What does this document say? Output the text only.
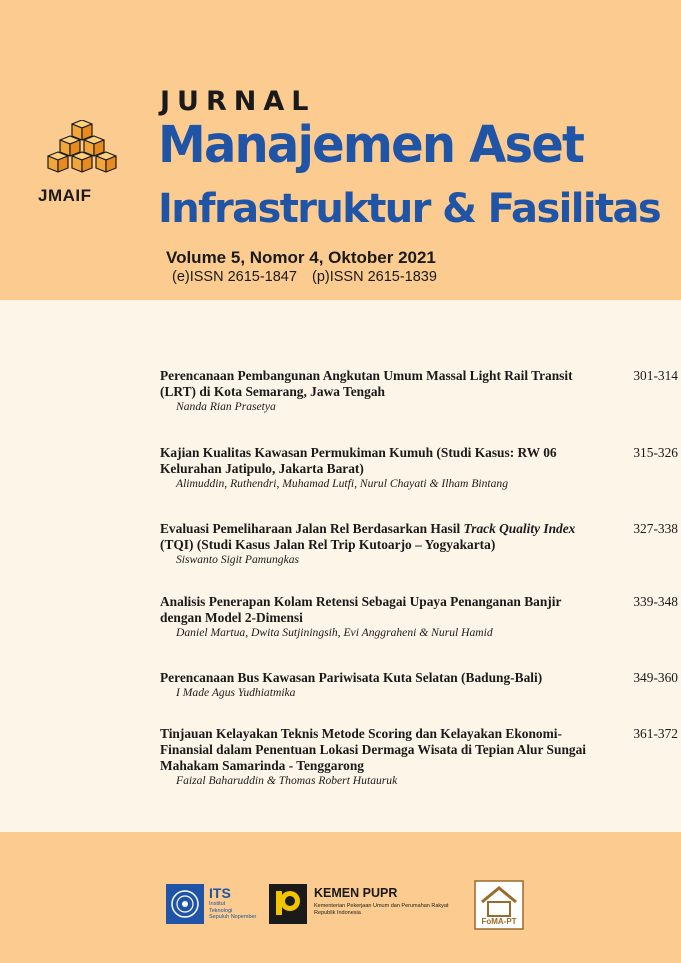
JMAIF
JURNAL
Manajemen Aset
Infrastruktur & Fasilitas
Volume 5, Nomor 4, Oktober 2021
(e)ISSN 2615-1847 (p)ISSN 2615-1839
Perencanaan Pembangunan Angkutan Umum Massal Light Rail Transit
(LRT) di Kota Semarang, Jawa Tengah
Nanda Rian Prasetya
301-314
Kajian Kualitas Kawasan Permukiman Kumuh (Studi Kasus: RW 06
Kelurahan Jatipulo, Jakarta Barat)
Alimuddin, Ruthendri, Muhamad Lutfi, Nurul Chayati & Ilham Bintang
315-326
Evaluasi Pemeliharaan Jalan Rel Berdasarkan Hasil Track Quality Index
(TQI) (Studi Kasus Jalan Rel Trip Kutoarjo – Yogyakarta)
Siswanto Sigit Pamungkas
327-338
Analisis Penerapan Kolam Retensi Sebagai Upaya Penanganan Banjir
dengan Model 2-Dimensi
Daniel Martua, Dwita Sutjiningsih, Evi Anggraheni & Nurul Hamid
339-348
Perencanaan Bus Kawasan Pariwisata Kuta Selatan (Badung-Bali)
I Made Agus Yudhiatmika
349-360
Tinjauan Kelayakan Teknis Metode Scoring dan Kelayakan Ekonomi-
Finansial dalam Penentuan Lokasi Dermaga Wisata di Tepian Alur Sungai
Mahakam Samarinda - Tenggarong
Faizal Baharuddin & Thomas Robert Hutauruk
361-372
ITS
Institut
Teknologi
Sepuluh Nopember
KEMEN PUPR
Kementerian Pekerjaan Umum dan Perumahan Rakyat
Republik Indonesia
FoMA-PT
